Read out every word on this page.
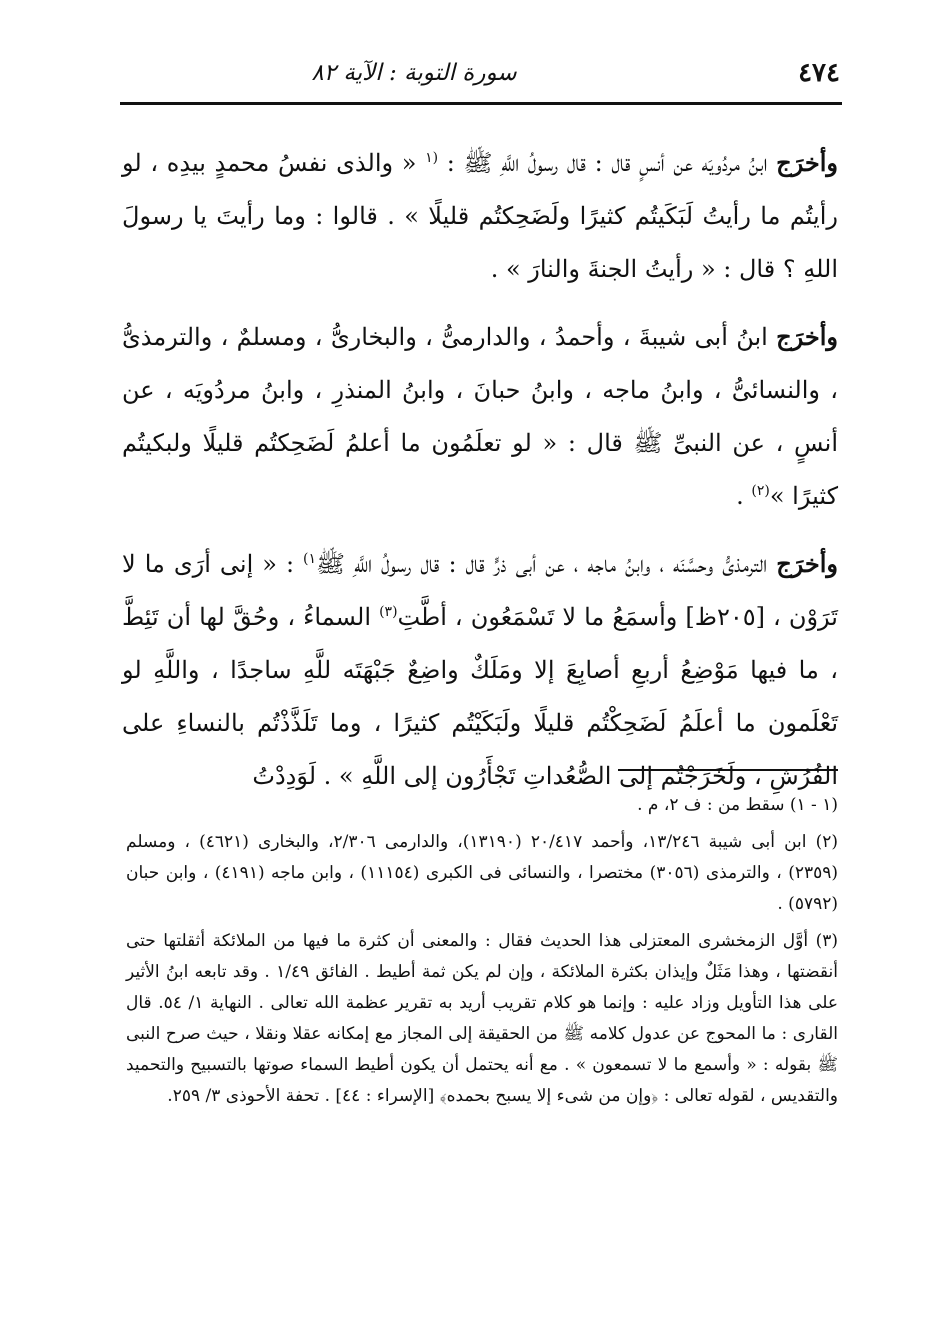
٤٧٤
سورة التوبة : الآية ٨٢

وأخرَج ابنُ مردُويَه عن أنسٍ قال : قال رسولُ اللَّهِ ﷺ : $^{(١}$ « والذى نفسُ محمدٍ بيدِه ، لو رأيتُم ما رأيتُ لَبَكَيتُم كثيرًا ولَضَحِكتُم قليلًا » . قالوا : وما رأيتَ يا رسولَ اللهِ ؟ قال : « رأيتُ الجنةَ والنارَ » .

وأخرَج ابنُ أبى شيبةَ ، وأحمدُ ، والدارمىُّ ، والبخارىُّ ، ومسلمٌ ، والترمذىُّ ، والنسائىُّ ، وابنُ ماجه ، وابنُ حبانَ ، وابنُ المنذرِ ، وابنُ مردُويَه ، عن أنسٍ ، عن النبىِّ ﷺ قال : « لو تعلَمُون ما أعلمُ لَضَحِكتُم قليلًا ولبكيتُم كثيرًا »$^{(٢)}$ .

وأخرَج الترمذىُّ وحسَّنَه ، وابنُ ماجه ، عن أبى ذرٍّ قال : قال رسولُ اللَّهِ ﷺ$^{١)}$ : « إنى أرَى ما لا تَرَوْن ، [٢٠٥ظ] وأسمَعُ ما لا تَسْمَعُون ، أطَّتِ$^{(٣)}$ السماءُ ، وحُقَّ لها أن تَئِطَّ ، ما فيها مَوْضِعُ أربعِ أصابِعَ إلا ومَلَكٌ واضِعٌ جَبْهَتَه للَّهِ ساجدًا ، واللَّهِ لو تَعْلَمون ما أعلَمُ لَضَحِكْتُم قليلًا ولَبَكَيْتُم كثيرًا ، وما تَلَذَّذْتُم بالنساءِ على الفُرُشِ ، ولَخَرَجْتُم إلى الصُّعُداتِ تَجْأَرُون إلى اللَّهِ » . لَوَدِدْتُ

(١ - ١) سقط من : ف ٢، م .

(٢) ابن أبى شيبة ١٣/٢٤٦، وأحمد ٢٠/٤١٧ (١٣١٩٠)، والدارمى ٢/٣٠٦، والبخارى (٤٦٢١) ، ومسلم (٢٣٥٩) ، والترمذى (٣٠٥٦) مختصرا ، والنسائى فى الكبرى (١١١٥٤) ، وابن ماجه (٤١٩١) ، وابن حبان (٥٧٩٢) .

(٣) أوَّل الزمخشرى المعتزلى هذا الحديث فقال : والمعنى أن كثرة ما فيها من الملائكة أثقلتها حتى أنقضتها ، وهذا مَثَلٌ وإيذان بكثرة الملائكة ، وإن لم يكن ثمة أطيط . الفائق ١/٤٩ . وقد تابعه ابنُ الأثير على هذا التأويل وزاد عليه : وإنما هو كلام تقريب أريد به تقرير عظمة الله تعالى . النهاية ١/ ٥٤. قال القارى : ما المحوج عن عدول كلامه ﷺ من الحقيقة إلى المجاز مع إمكانه عقلا ونقلا ، حيث صرح النبى ﷺ بقوله : « وأسمع ما لا تسمعون » . مع أنه يحتمل أن يكون أطيط السماء صوتها بالتسبيح والتحميد والتقديس ، لقوله تعالى : ﴿وإن من شىء إلا يسبح بحمده﴾ [الإسراء : ٤٤] . تحفة الأحوذى ٣/ ٢٥٩.
